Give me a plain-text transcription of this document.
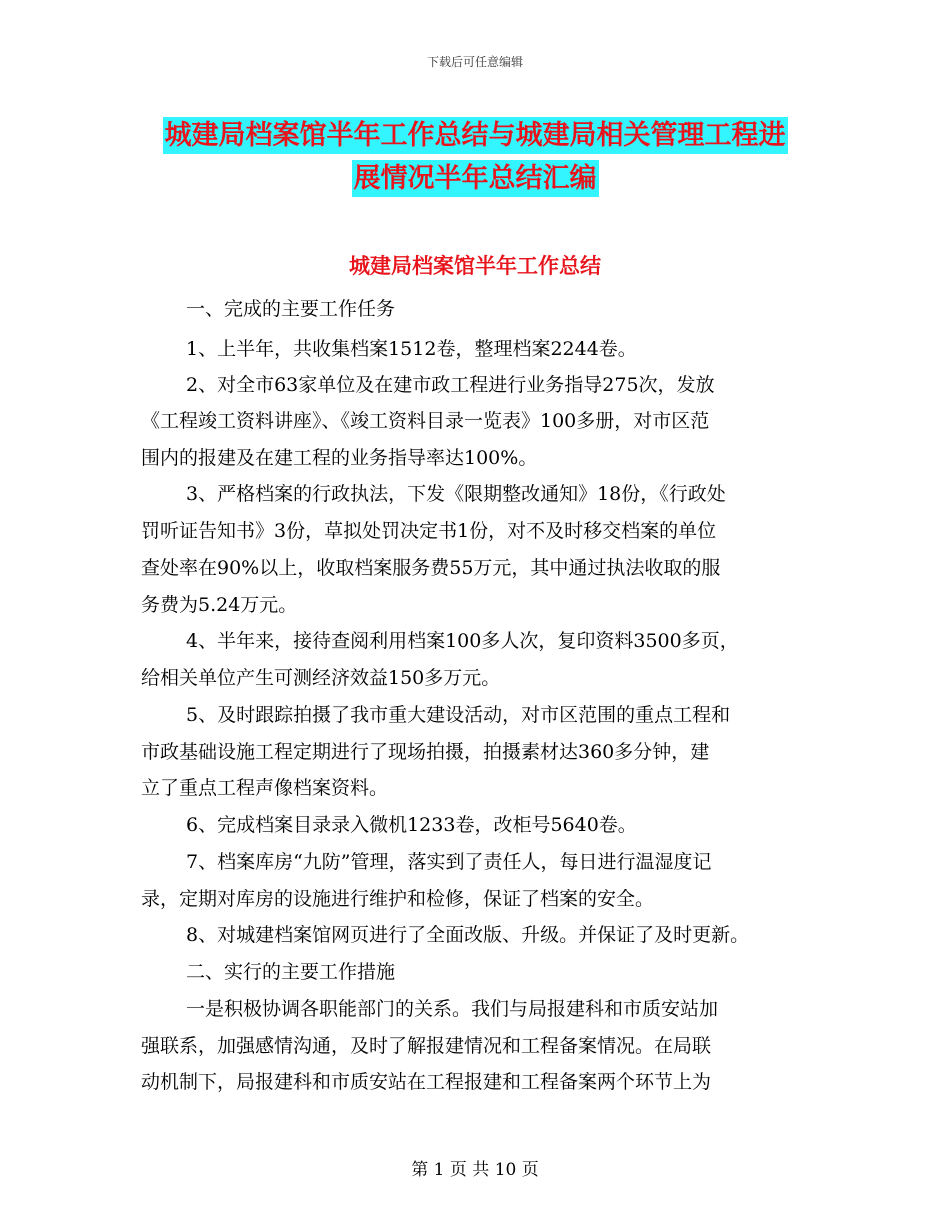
下载后可任意编辑
城建局档案馆半年工作总结与城建局相关管理工程进
展情况半年总结汇编
城建局档案馆半年工作总结
一、完成的主要工作任务
1、上半年，共收集档案1512卷，整理档案2244卷。
2、对全市63家单位及在建市政工程进行业务指导275次，发放
《工程竣工资料讲座》、《竣工资料目录一览表》100多册，对市区范
围内的报建及在建工程的业务指导率达100%。
3、严格档案的行政执法，下发《限期整改通知》18份，《行政处
罚听证告知书》3份，草拟处罚决定书1份，对不及时移交档案的单位
查处率在90%以上，收取档案服务费55万元，其中通过执法收取的服
务费为5.24万元。
4、半年来，接待查阅利用档案100多人次，复印资料3500多页，
给相关单位产生可测经济效益150多万元。
5、及时跟踪拍摄了我市重大建设活动，对市区范围的重点工程和
市政基础设施工程定期进行了现场拍摄，拍摄素材达360多分钟，建
立了重点工程声像档案资料。
6、完成档案目录录入微机1233卷，改柜号5640卷。
7、档案库房“九防”管理，落实到了责任人，每日进行温湿度记
录，定期对库房的设施进行维护和检修，保证了档案的安全。
8、对城建档案馆网页进行了全面改版、升级。并保证了及时更新。
二、实行的主要工作措施
一是积极协调各职能部门的关系。我们与局报建科和市质安站加
强联系，加强感情沟通，及时了解报建情况和工程备案情况。在局联
动机制下，局报建科和市质安站在工程报建和工程备案两个环节上为
第 1 页 共 10 页
